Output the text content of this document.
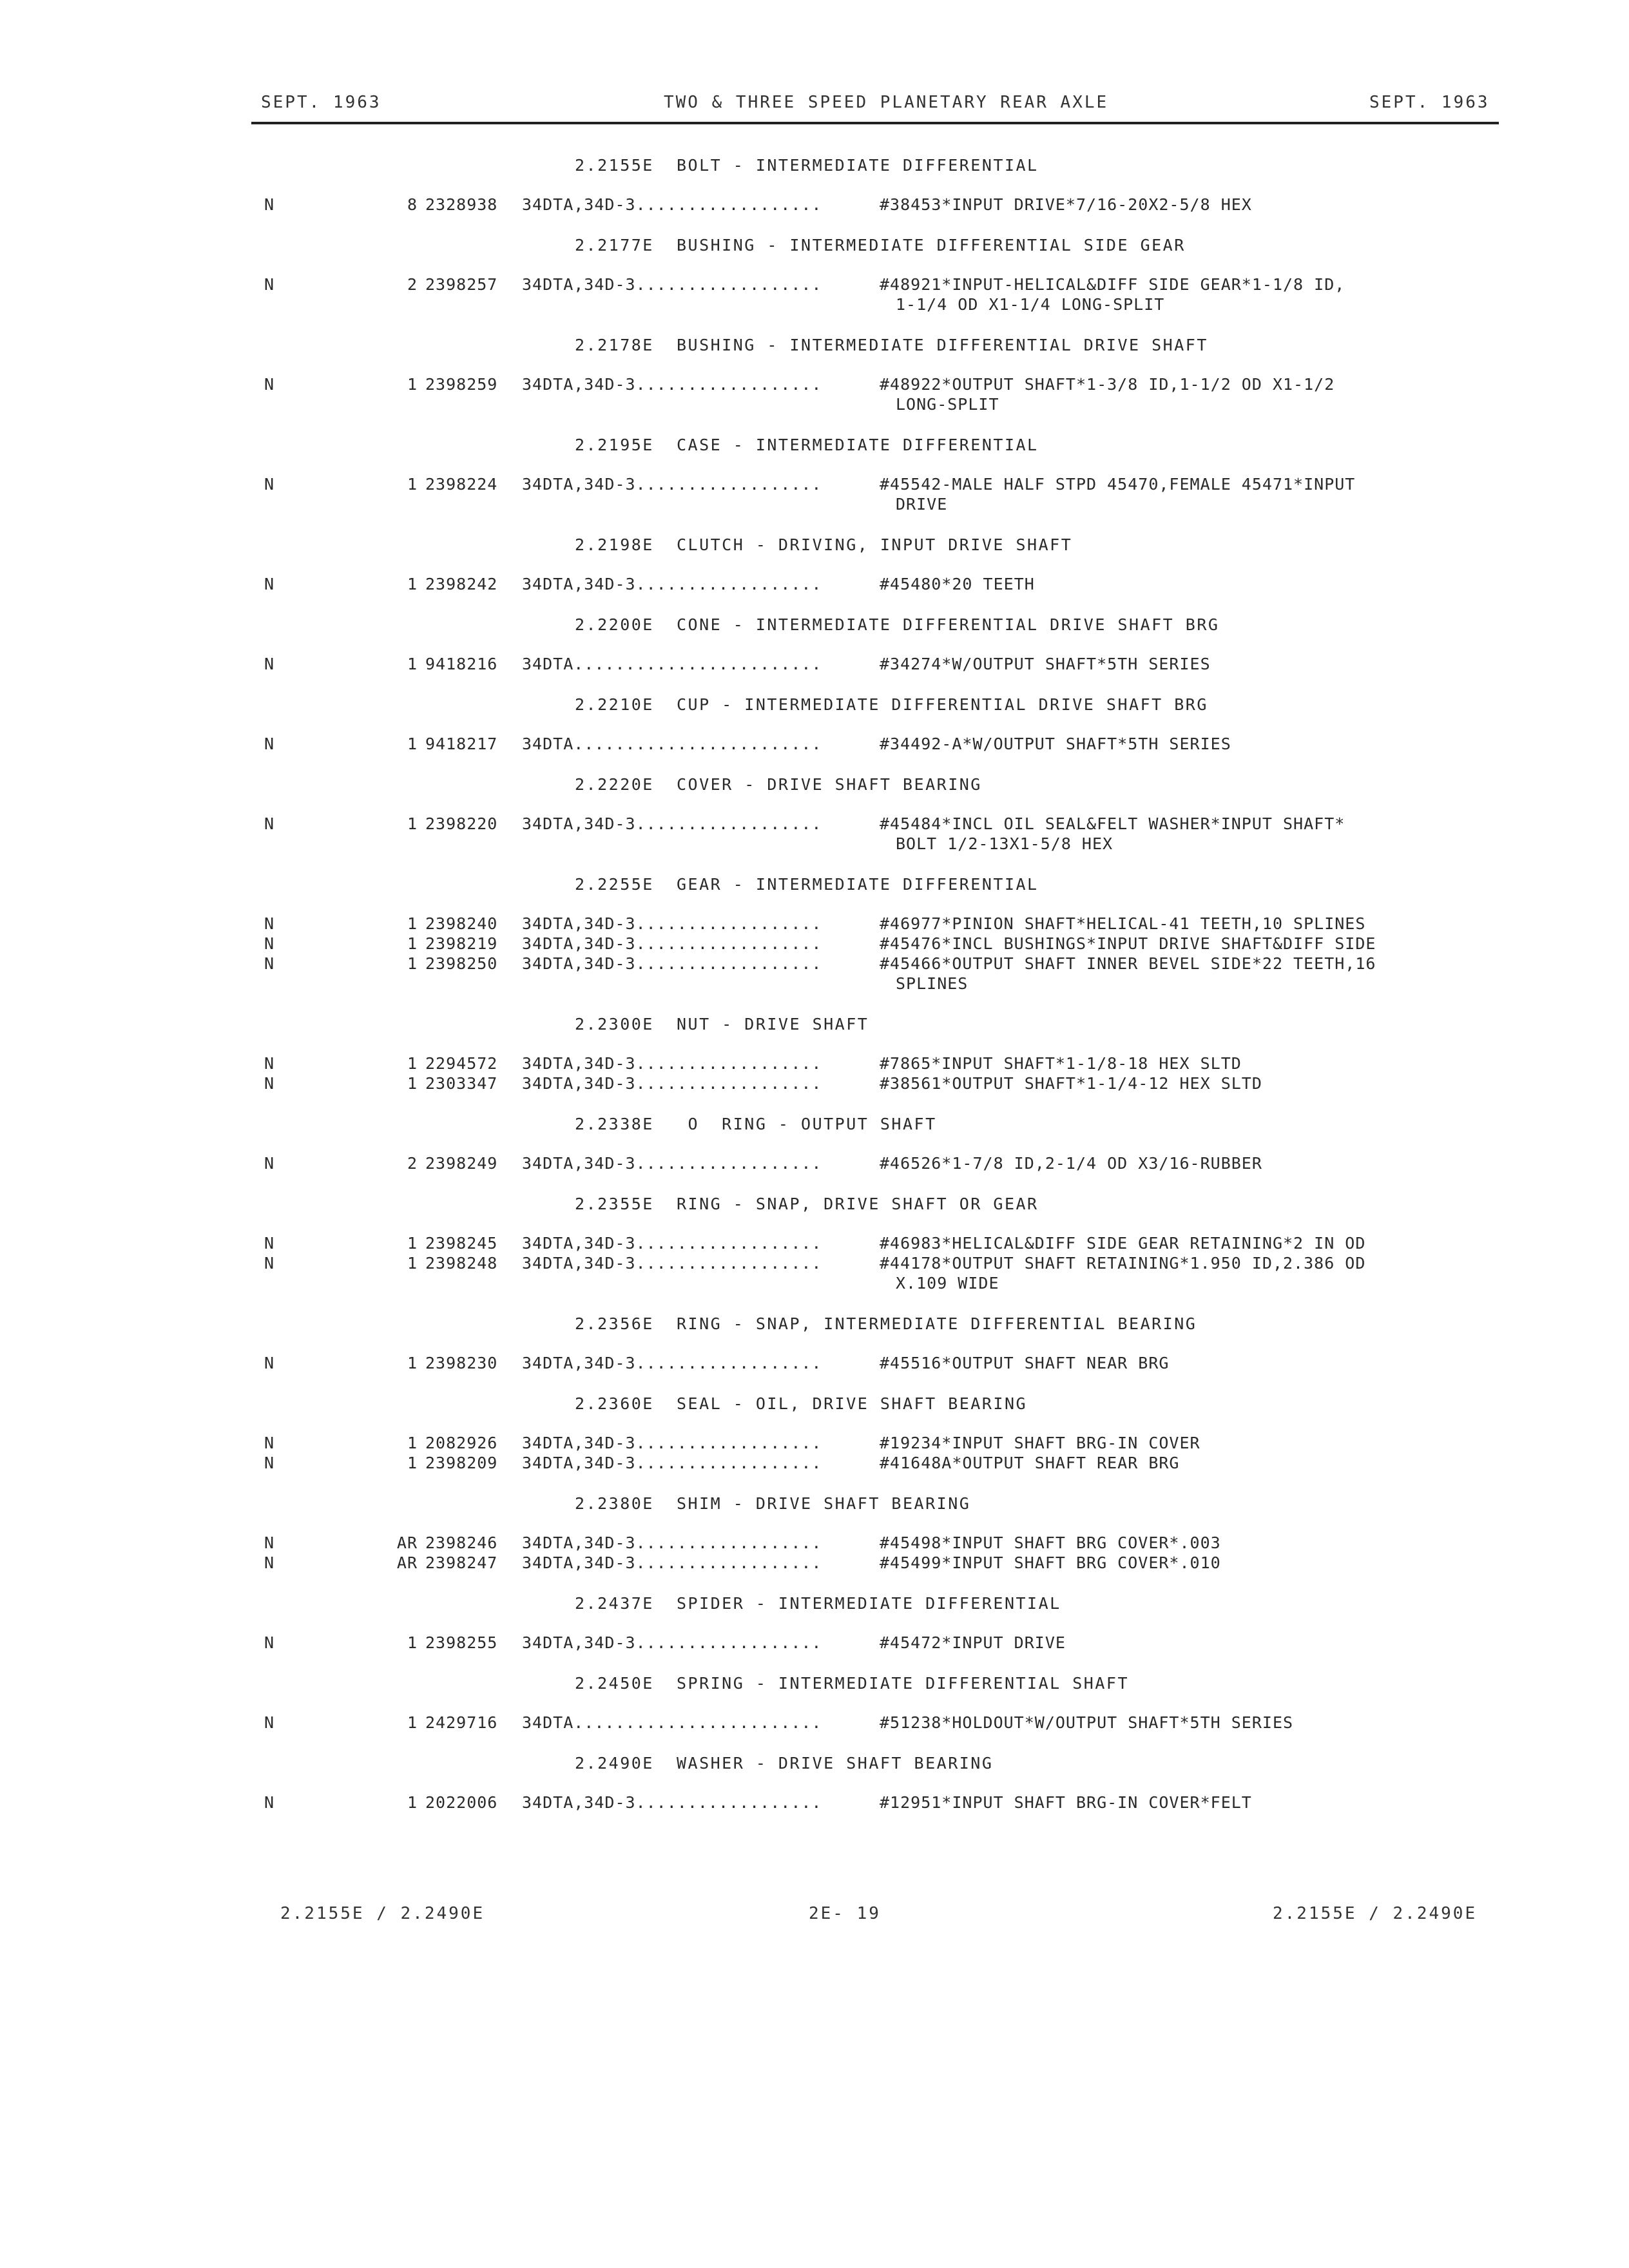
SEPT. 1963	TWO & THREE SPEED PLANETARY REAR AXLE	SEPT. 1963
2.2155E  BOLT - INTERMEDIATE DIFFERENTIAL
N	8 2328938 34DTA,34D-3..................	#38453*INPUT DRIVE*7/16-20X2-5/8 HEX
2.2177E  BUSHING - INTERMEDIATE DIFFERENTIAL SIDE GEAR
N	2 2398257 34DTA,34D-3..................	#48921*INPUT-HELICAL&DIFF SIDE GEAR*1-1/8 ID,
1-1/4 OD X1-1/4 LONG-SPLIT
2.2178E  BUSHING - INTERMEDIATE DIFFERENTIAL DRIVE SHAFT
N	1 2398259 34DTA,34D-3..................	#48922*OUTPUT SHAFT*1-3/8 ID,1-1/2 OD X1-1/2
LONG-SPLIT
2.2195E  CASE - INTERMEDIATE DIFFERENTIAL
N	1 2398224 34DTA,34D-3..................	#45542-MALE HALF STPD 45470,FEMALE 45471*INPUT
DRIVE
2.2198E  CLUTCH - DRIVING, INPUT DRIVE SHAFT
N	1 2398242 34DTA,34D-3..................	#45480*20 TEETH
2.2200E  CONE - INTERMEDIATE DIFFERENTIAL DRIVE SHAFT BRG
N	1 9418216 34DTA........................	#34274*W/OUTPUT SHAFT*5TH SERIES
2.2210E  CUP - INTERMEDIATE DIFFERENTIAL DRIVE SHAFT BRG
N	1 9418217 34DTA........................	#34492-A*W/OUTPUT SHAFT*5TH SERIES
2.2220E  COVER - DRIVE SHAFT BEARING
N	1 2398220 34DTA,34D-3..................	#45484*INCL OIL SEAL&FELT WASHER*INPUT SHAFT*
BOLT 1/2-13X1-5/8 HEX
2.2255E  GEAR - INTERMEDIATE DIFFERENTIAL
N	1 2398240 34DTA,34D-3..................	#46977*PINION SHAFT*HELICAL-41 TEETH,10 SPLINES
N	1 2398219 34DTA,34D-3..................	#45476*INCL BUSHINGS*INPUT DRIVE SHAFT&DIFF SIDE
N	1 2398250 34DTA,34D-3..................	#45466*OUTPUT SHAFT INNER BEVEL SIDE*22 TEETH,16
SPLINES
2.2300E  NUT - DRIVE SHAFT
N	1 2294572 34DTA,34D-3..................	#7865*INPUT SHAFT*1-1/8-18 HEX SLTD
N	1 2303347 34DTA,34D-3..................	#38561*OUTPUT SHAFT*1-1/4-12 HEX SLTD
2.2338E   O  RING - OUTPUT SHAFT
N	2 2398249 34DTA,34D-3..................	#46526*1-7/8 ID,2-1/4 OD X3/16-RUBBER
2.2355E  RING - SNAP, DRIVE SHAFT OR GEAR
N	1 2398245 34DTA,34D-3..................	#46983*HELICAL&DIFF SIDE GEAR RETAINING*2 IN OD
N	1 2398248 34DTA,34D-3..................	#44178*OUTPUT SHAFT RETAINING*1.950 ID,2.386 OD
X.109 WIDE
2.2356E  RING - SNAP, INTERMEDIATE DIFFERENTIAL BEARING
N	1 2398230 34DTA,34D-3..................	#45516*OUTPUT SHAFT NEAR BRG
2.2360E  SEAL - OIL, DRIVE SHAFT BEARING
N	1 2082926 34DTA,34D-3..................	#19234*INPUT SHAFT BRG-IN COVER
N	1 2398209 34DTA,34D-3..................	#41648A*OUTPUT SHAFT REAR BRG
2.2380E  SHIM - DRIVE SHAFT BEARING
N	AR 2398246 34DTA,34D-3..................	#45498*INPUT SHAFT BRG COVER*.003
N	AR 2398247 34DTA,34D-3..................	#45499*INPUT SHAFT BRG COVER*.010
2.2437E  SPIDER - INTERMEDIATE DIFFERENTIAL
N	1 2398255 34DTA,34D-3..................	#45472*INPUT DRIVE
2.2450E  SPRING - INTERMEDIATE DIFFERENTIAL SHAFT
N	1 2429716 34DTA........................	#51238*HOLDOUT*W/OUTPUT SHAFT*5TH SERIES
2.2490E  WASHER - DRIVE SHAFT BEARING
N	1 2022006 34DTA,34D-3..................	#12951*INPUT SHAFT BRG-IN COVER*FELT
2.2155E / 2.2490E	2E- 19	2.2155E / 2.2490E
